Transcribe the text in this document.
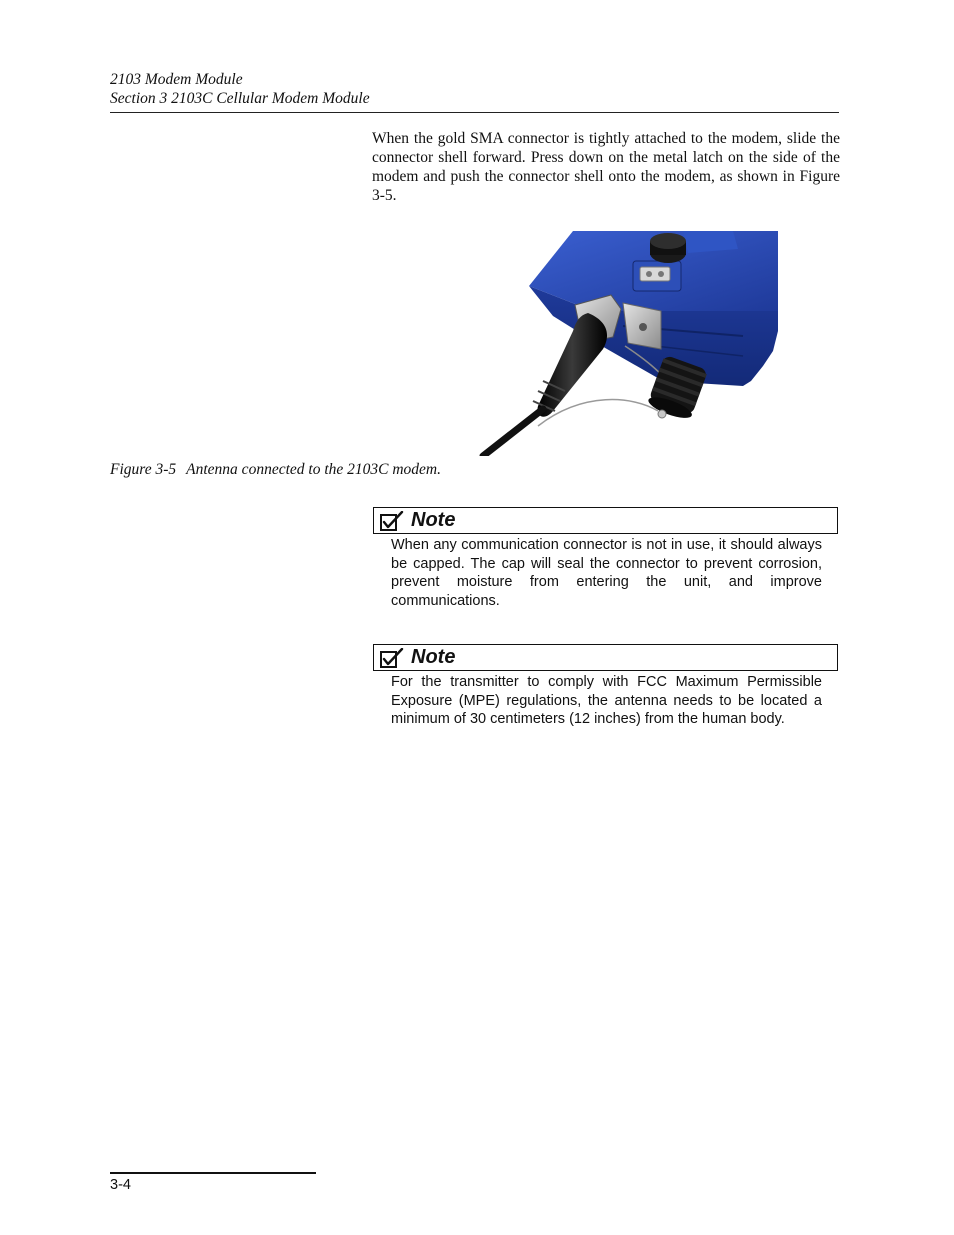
2103 Modem Module
Section 3 2103C Cellular Modem Module

When the gold SMA connector is tightly attached to the modem, slide the connector shell forward. Press down on the metal latch on the side of the modem and push the connector shell onto the modem, as shown in Figure 3-5.

Figure 3-5 Antenna connected to the 2103C modem.
Note

When any communication connector is not in use, it should always be capped. The cap will seal the connector to prevent corrosion, prevent moisture from entering the unit, and improve communications.

Note

For the transmitter to comply with FCC Maximum Permissible Exposure (MPE) regulations, the antenna needs to be located a minimum of 30 centimeters (12 inches) from the human body.

3-4
